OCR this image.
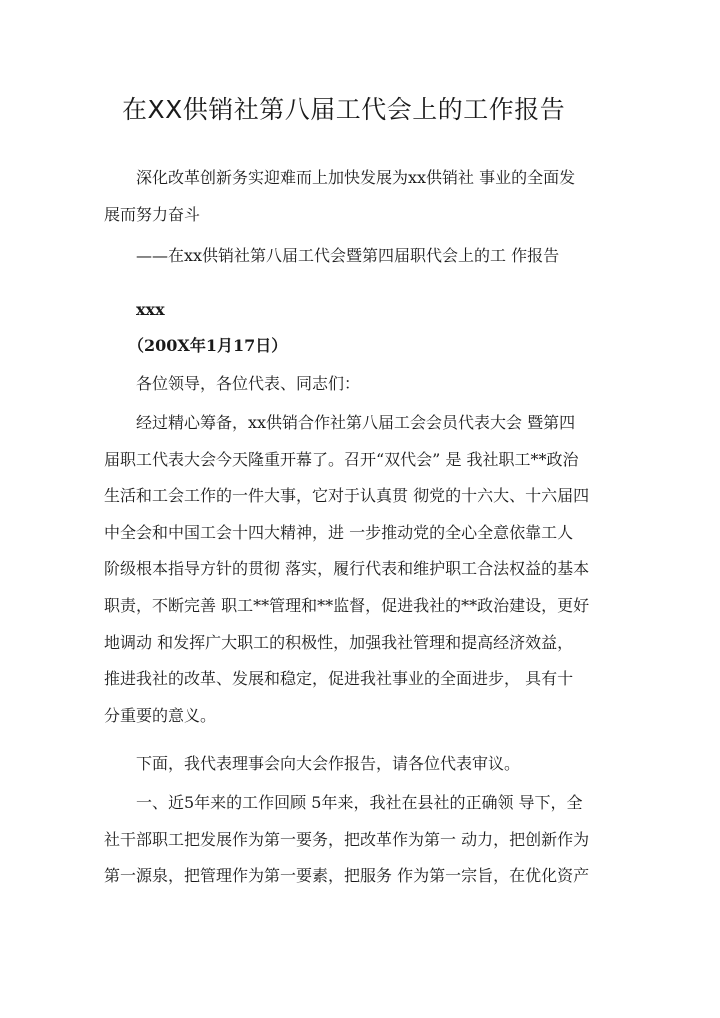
在XX供销社第八届工代会上的工作报告
　　深化改革创新务实迎难而上加快发展为xx供销社 事业的全面发
展而努力奋斗
　　——在xx供销社第八届工代会暨第四届职代会上的工 作报告
　　xxx
　　（200X年1月17日）
　　各位领导，各位代表、同志们：
　　经过精心筹备，xx供销合作社第八届工会会员代表大会 暨第四
届职工代表大会今天隆重开幕了。召开“双代会” 是 我社职工**政治
生活和工会工作的一件大事，它对于认真贯 彻党的十六大、十六届四
中全会和中国工会十四大精神，进 一步推动党的全心全意依靠工人
阶级根本指导方针的贯彻 落实，履行代表和维护职工合法权益的基本
职责，不断完善 职工**管理和**监督，促进我社的**政治建设，更好
地调动 和发挥广大职工的积极性，加强我社管理和提高经济效益，
推进我社的改革、发展和稳定，促进我社事业的全面进步， 具有十
分重要的意义。
　　下面，我代表理事会向大会作报告，请各位代表审议。
　　一、近5年来的工作回顾 5年来，我社在县社的正确领 导下，全
社干部职工把发展作为第一要务，把改革作为第一 动力，把创新作为
第一源泉，把管理作为第一要素，把服务 作为第一宗旨，在优化资产
